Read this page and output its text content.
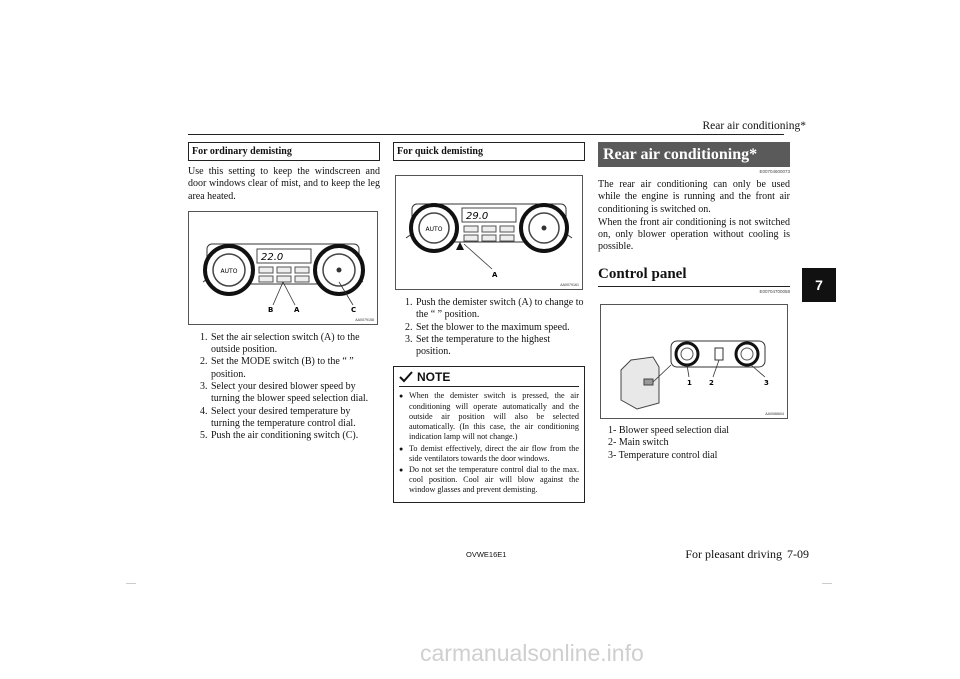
Rear air conditioning*
7
For ordinary demisting

Use this setting to keep the windscreen and door windows clear of mist, and to keep the leg area heated.

AUTO
22.0
B	A	C
AA0079158
1. Set the air selection switch (A) to the outside position.
2. Set the MODE switch (B) to the “ ” position.
3. Select your desired blower speed by turning the blower speed selection dial.
4. Select your desired temperature by turning the temperature control dial.
5. Push the air conditioning switch (C).
For quick demisting
AUTO
29.0
A
AA0079161
1. Push the demister switch (A) to change to the “ ” position.
2. Set the blower to the maximum speed.
3. Set the temperature to the highest position.
NOTE
● When the demister switch is pressed, the air conditioning will operate automatically and the outside air position will also be selected automatically. (In this case, the air conditioning indication lamp will not change.)
● To demist effectively, direct the air flow from the side ventilators towards the door windows.
● Do not set the temperature control dial to the max. cool position. Cool air will blow against the window glasses and prevent demisting.
Rear air conditioning*
E00704600073

The rear air conditioning can only be used while the engine is running and the front air conditioning is switched on.

When the front air conditioning is not switched on, only blower operation without cooling is possible.

Control panel
E00704700058
1 2	3
AA0088604
1- Blower speed selection dial
2- Main switch
3- Temperature control dial
OVWE16E1	For pleasant driving 7-09
carmanualsonline.info
